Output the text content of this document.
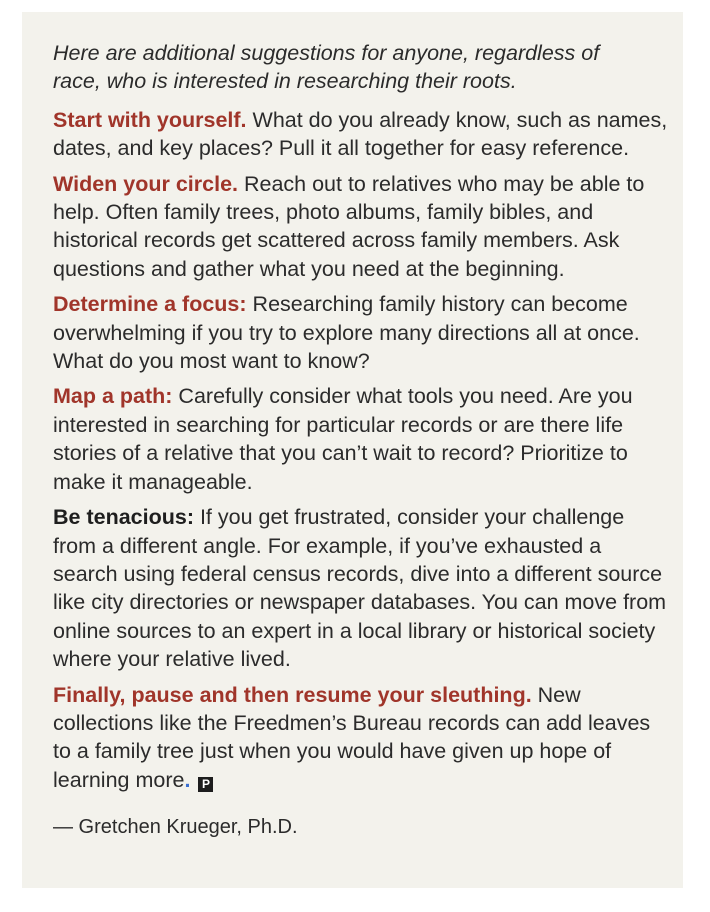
Here are additional suggestions for anyone, regardless of race, who is interested in researching their roots.

Start with yourself. What do you already know, such as names, dates, and key places? Pull it all together for easy reference.

Widen your circle. Reach out to relatives who may be able to help. Often family trees, photo albums, family bibles, and historical records get scattered across family members. Ask questions and gather what you need at the beginning.

Determine a focus: Researching family history can become overwhelming if you try to explore many directions all at once. What do you most want to know?

Map a path: Carefully consider what tools you need. Are you interested in searching for particular records or are there life stories of a relative that you can’t wait to record? Prioritize to make it manageable.

Be tenacious: If you get frustrated, consider your challenge from a different angle. For example, if you’ve exhausted a search using federal census records, dive into a different source like city directories or newspaper databases. You can move from online sources to an expert in a local library or historical society where your relative lived.

Finally, pause and then resume your sleuthing. New collections like the Freedmen’s Bureau records can add leaves to a family tree just when you would have given up hope of learning more. P

— Gretchen Krueger, Ph.D.
